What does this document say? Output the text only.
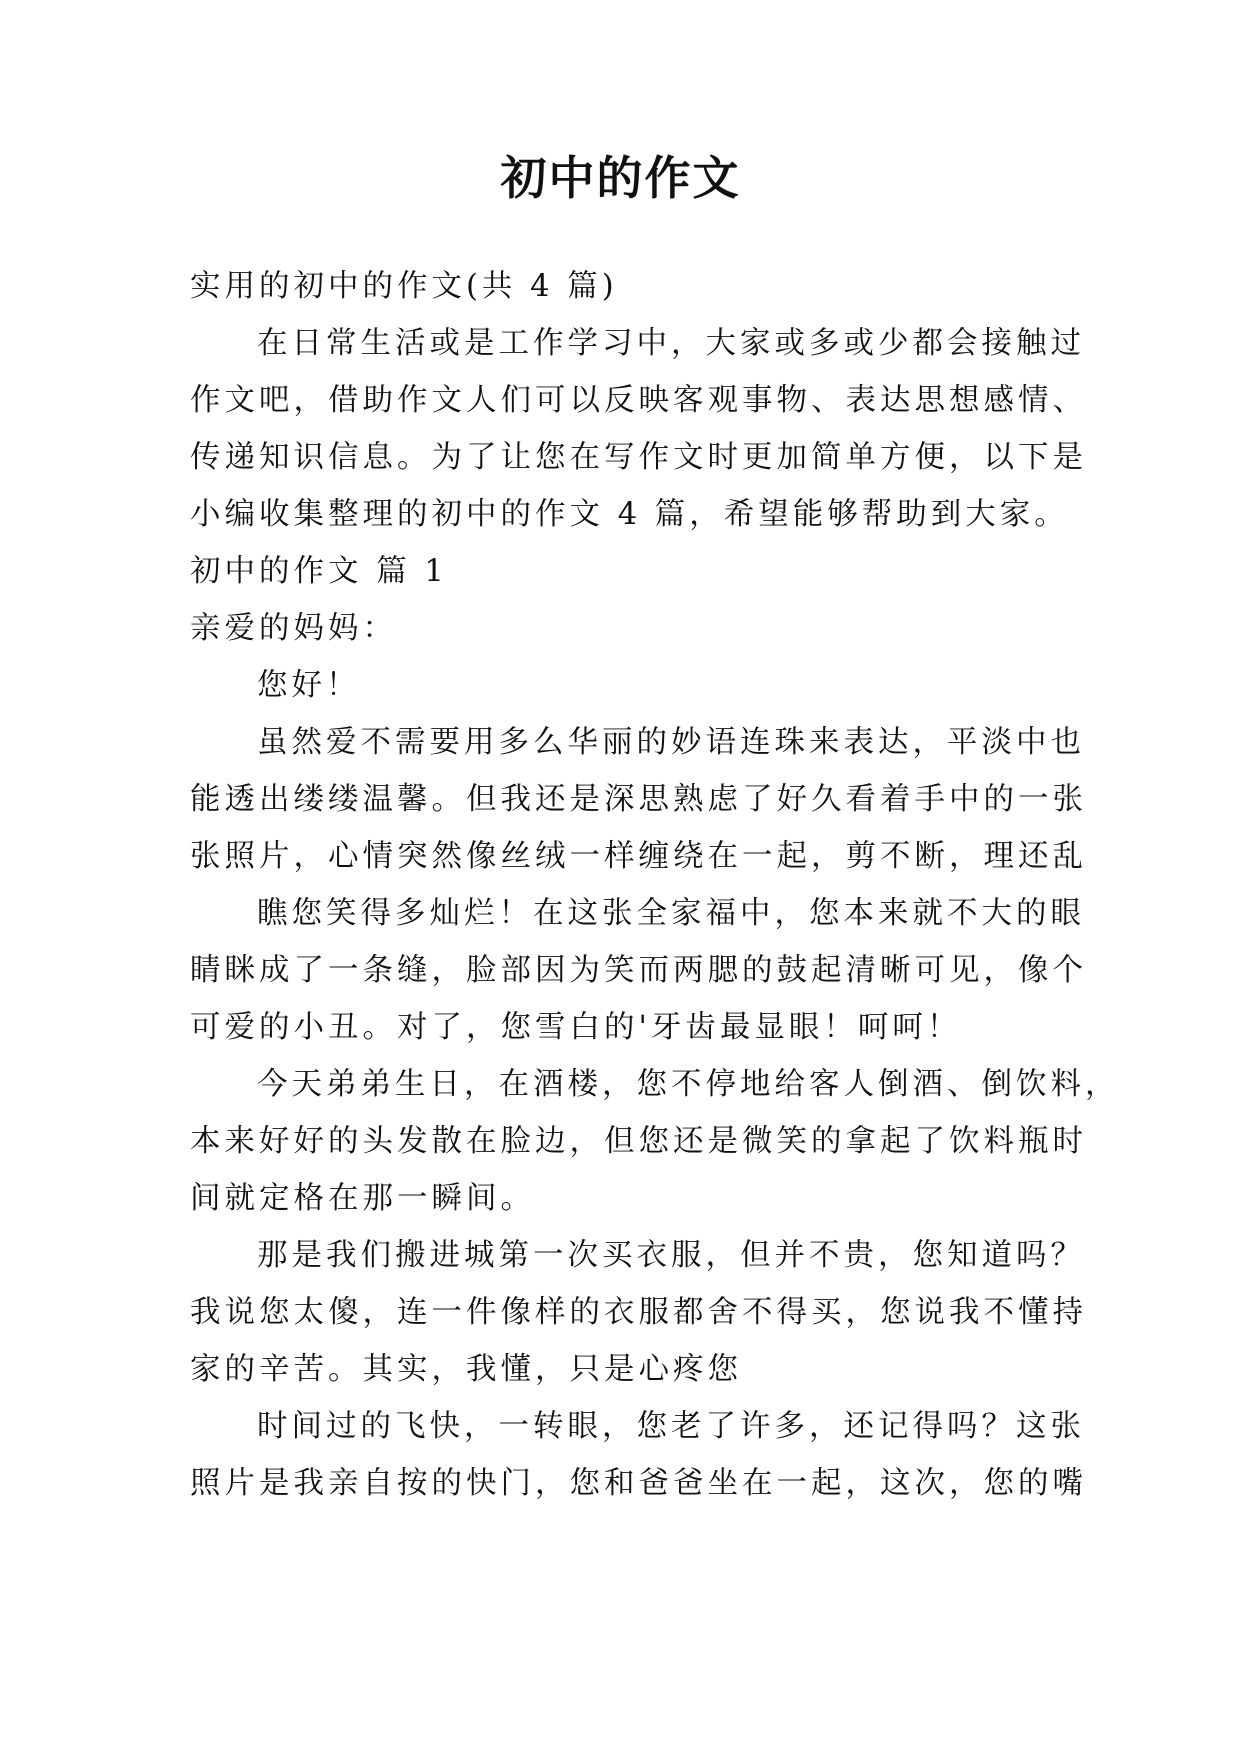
初中的作文

实用的初中的作文(共 4 篇)

在日常生活或是工作学习中，大家或多或少都会接触过

作文吧，借助作文人们可以反映客观事物、表达思想感情、

传递知识信息。为了让您在写作文时更加简单方便，以下是

小编收集整理的初中的作文 4 篇，希望能够帮助到大家。

初中的作文 篇 1

亲爱的妈妈：

您好！

虽然爱不需要用多么华丽的妙语连珠来表达，平淡中也

能透出缕缕温馨。但我还是深思熟虑了好久看着手中的一张

张照片，心情突然像丝绒一样缠绕在一起，剪不断，理还乱

瞧您笑得多灿烂！在这张全家福中，您本来就不大的眼

睛眯成了一条缝，脸部因为笑而两腮的鼓起清晰可见，像个

可爱的小丑。对了，您雪白的'牙齿最显眼！呵呵！

今天弟弟生日，在酒楼，您不停地给客人倒酒、倒饮料，

本来好好的头发散在脸边，但您还是微笑的拿起了饮料瓶时

间就定格在那一瞬间。

那是我们搬进城第一次买衣服，但并不贵，您知道吗？

我说您太傻，连一件像样的衣服都舍不得买，您说我不懂持

家的辛苦。其实，我懂，只是心疼您

时间过的飞快，一转眼，您老了许多，还记得吗？这张

照片是我亲自按的快门，您和爸爸坐在一起，这次，您的嘴
